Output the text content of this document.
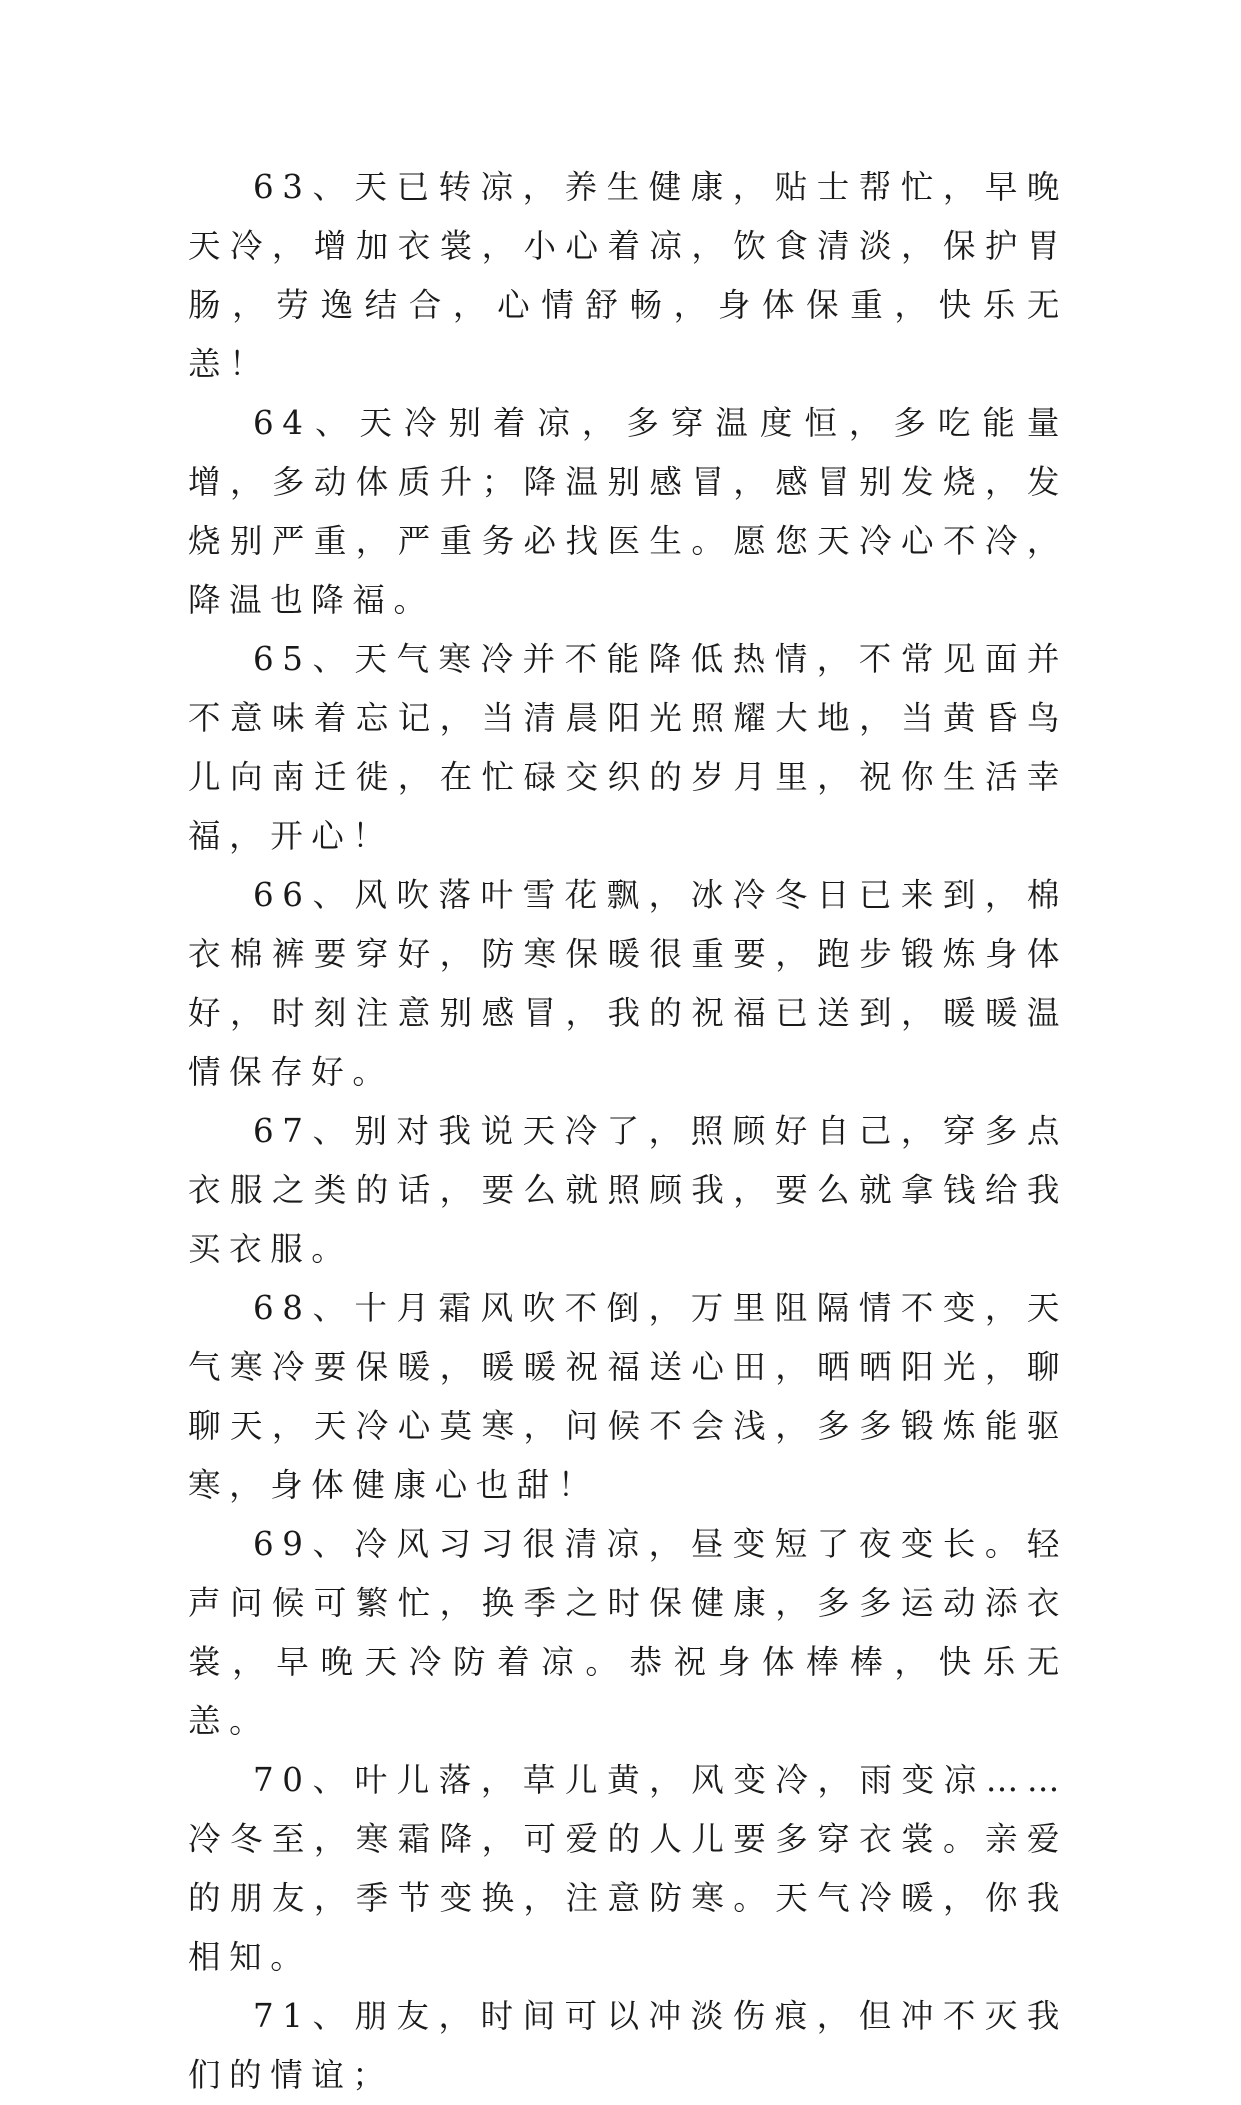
63、天已转凉，养生健康，贴士帮忙，早晚天冷，增加衣裳，小心着凉，饮食清淡，保护胃肠，劳逸结合，心情舒畅，身体保重，快乐无恙！

64、天冷别着凉，多穿温度恒，多吃能量增，多动体质升；降温别感冒，感冒别发烧，发烧别严重，严重务必找医生。愿您天冷心不冷，降温也降福。

65、天气寒冷并不能降低热情，不常见面并不意味着忘记，当清晨阳光照耀大地，当黄昏鸟儿向南迁徙，在忙碌交织的岁月里，祝你生活幸福，开心！

66、风吹落叶雪花飘，冰冷冬日已来到，棉衣棉裤要穿好，防寒保暖很重要，跑步锻炼身体好，时刻注意别感冒，我的祝福已送到，暖暖温情保存好。

67、别对我说天冷了，照顾好自己，穿多点衣服之类的话，要么就照顾我，要么就拿钱给我买衣服。

68、十月霜风吹不倒，万里阻隔情不变，天气寒冷要保暖，暖暖祝福送心田，晒晒阳光，聊聊天，天冷心莫寒，问候不会浅，多多锻炼能驱寒，身体健康心也甜！

69、冷风习习很清凉，昼变短了夜变长。轻声问候可繁忙，换季之时保健康，多多运动添衣裳，早晚天冷防着凉。恭祝身体棒棒，快乐无恙。

70、叶儿落，草儿黄，风变冷，雨变凉……冷冬至，寒霜降，可爱的人儿要多穿衣裳。亲爱的朋友，季节变换，注意防寒。天气冷暖，你我相知。

71、朋友，时间可以冲淡伤痕，但冲不灭我们的情谊；
